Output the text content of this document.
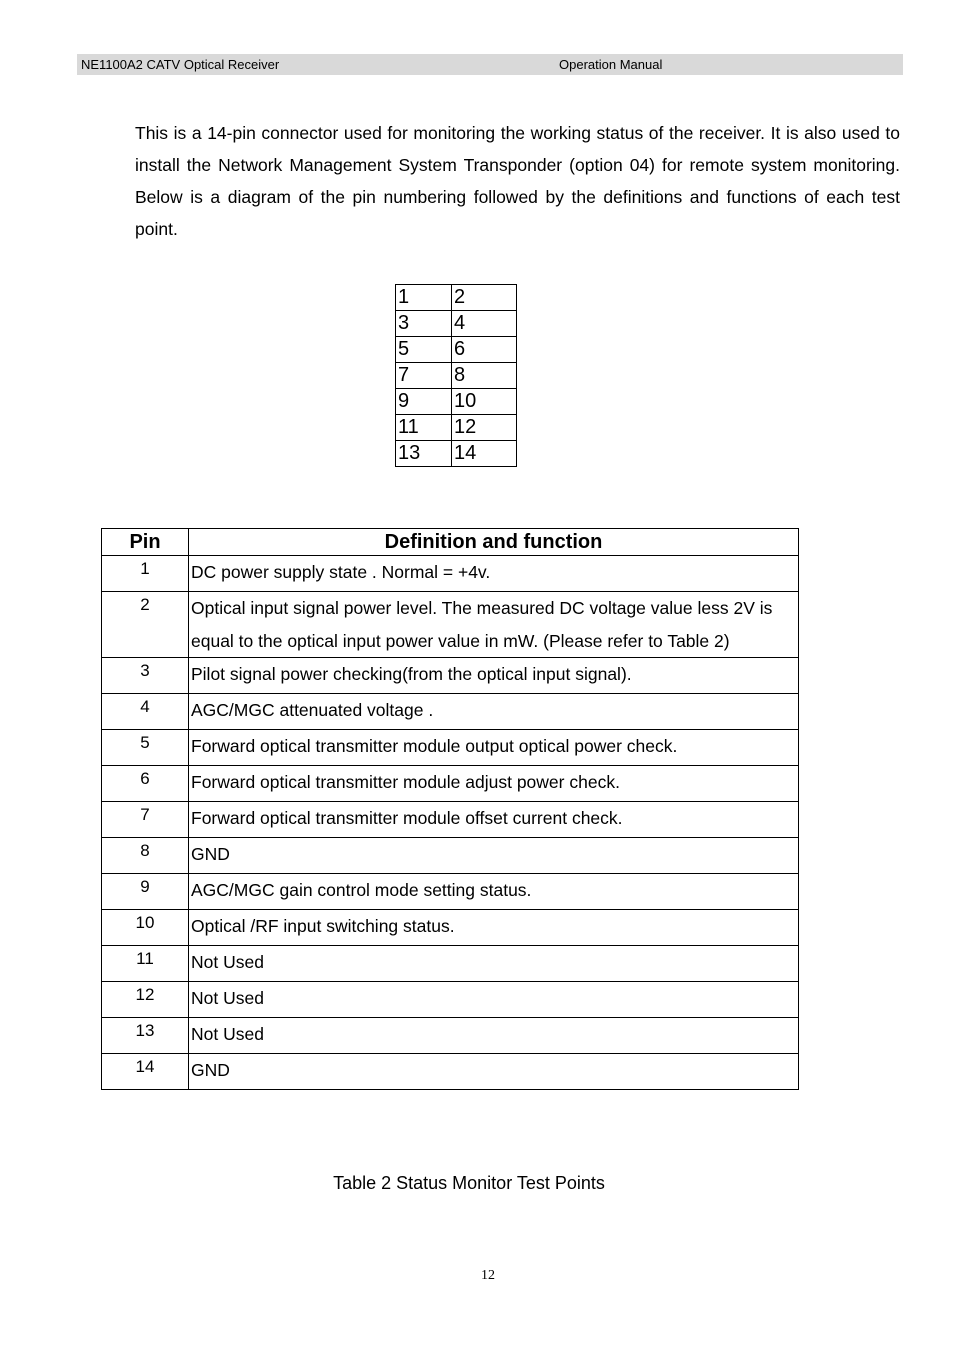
NE1100A2 CATV Optical Receiver	Operation Manual

This is a 14-pin connector used for monitoring the working status of the receiver. It is also used to install the Network Management System Transponder (option 04) for remote system monitoring. Below is a diagram of the pin numbering followed by the definitions and functions of each test point.

1	2
3	4
5	6
7	8
9	10
11	12
13	14
Pin	Definition and function
1	DC power supply state . Normal = +4v.
2	Optical input signal power level. The measured DC voltage value less 2V is equal to the optical input power value in mW. (Please refer to Table 2)
3	Pilot signal power checking(from the optical input signal).
4	AGC/MGC attenuated voltage .
5	Forward optical transmitter module output optical power check.
6	Forward optical transmitter module adjust power check.
7	Forward optical transmitter module offset current check.
8	GND
9	AGC/MGC gain control mode setting status.
10	Optical /RF input switching status.
11	Not Used
12	Not Used
13	Not Used
14	GND
Table 2 Status Monitor Test Points
12
